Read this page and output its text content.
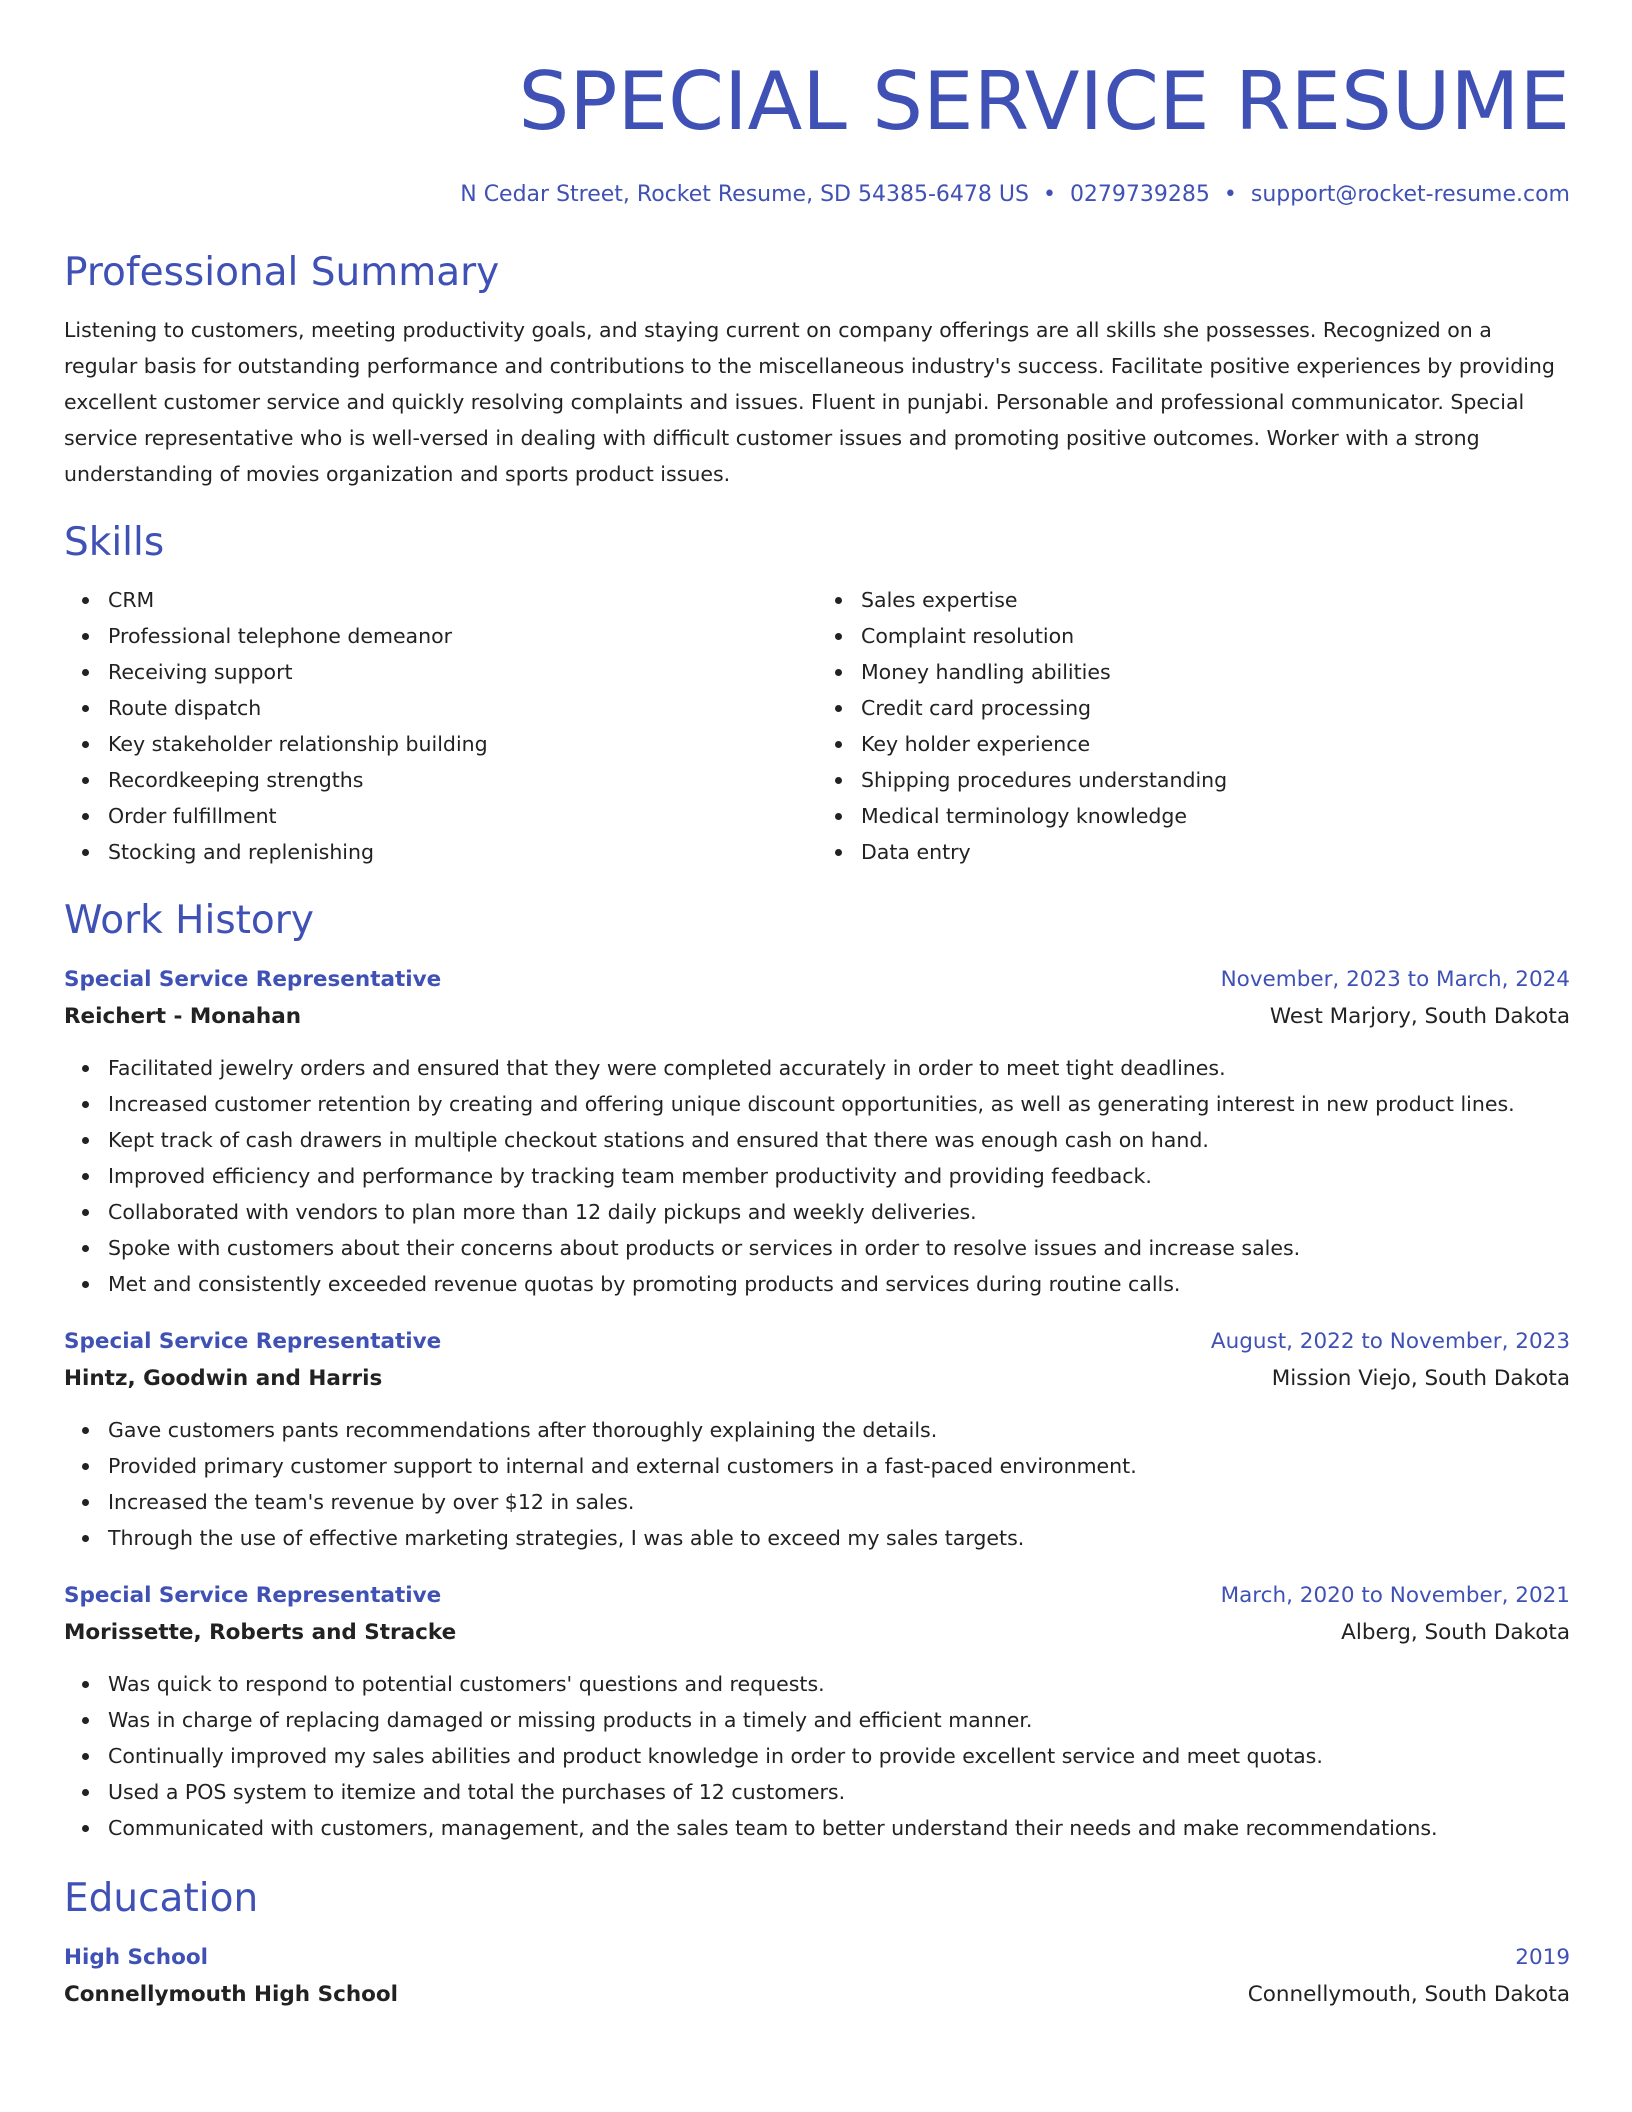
SPECIAL SERVICE RESUME
N Cedar Street, Rocket Resume, SD 54385-6478 US • 0279739285 • support@rocket-resume.com
Professional Summary
Listening to customers, meeting productivity goals, and staying current on company offerings are all skills she possesses. Recognized on a regular basis for outstanding performance and contributions to the miscellaneous industry's success. Facilitate positive experiences by providing excellent customer service and quickly resolving complaints and issues. Fluent in punjabi. Personable and professional communicator. Special service representative who is well-versed in dealing with difficult customer issues and promoting positive outcomes. Worker with a strong understanding of movies organization and sports product issues.
Skills
CRM
Professional telephone demeanor
Receiving support
Route dispatch
Key stakeholder relationship building
Recordkeeping strengths
Order fulfillment
Stocking and replenishing
Sales expertise
Complaint resolution
Money handling abilities
Credit card processing
Key holder experience
Shipping procedures understanding
Medical terminology knowledge
Data entry
Work History
Special Service Representative	November, 2023 to March, 2024
Reichert - Monahan	West Marjory, South Dakota
Facilitated jewelry orders and ensured that they were completed accurately in order to meet tight deadlines.
Increased customer retention by creating and offering unique discount opportunities, as well as generating interest in new product lines.
Kept track of cash drawers in multiple checkout stations and ensured that there was enough cash on hand.
Improved efficiency and performance by tracking team member productivity and providing feedback.
Collaborated with vendors to plan more than 12 daily pickups and weekly deliveries.
Spoke with customers about their concerns about products or services in order to resolve issues and increase sales.
Met and consistently exceeded revenue quotas by promoting products and services during routine calls.
Special Service Representative	August, 2022 to November, 2023
Hintz, Goodwin and Harris	Mission Viejo, South Dakota
Gave customers pants recommendations after thoroughly explaining the details.
Provided primary customer support to internal and external customers in a fast-paced environment.
Increased the team's revenue by over $12 in sales.
Through the use of effective marketing strategies, I was able to exceed my sales targets.
Special Service Representative	March, 2020 to November, 2021
Morissette, Roberts and Stracke	Alberg, South Dakota
Was quick to respond to potential customers' questions and requests.
Was in charge of replacing damaged or missing products in a timely and efficient manner.
Continually improved my sales abilities and product knowledge in order to provide excellent service and meet quotas.
Used a POS system to itemize and total the purchases of 12 customers.
Communicated with customers, management, and the sales team to better understand their needs and make recommendations.
Education
High School	2019
Connellymouth High School	Connellymouth, South Dakota
